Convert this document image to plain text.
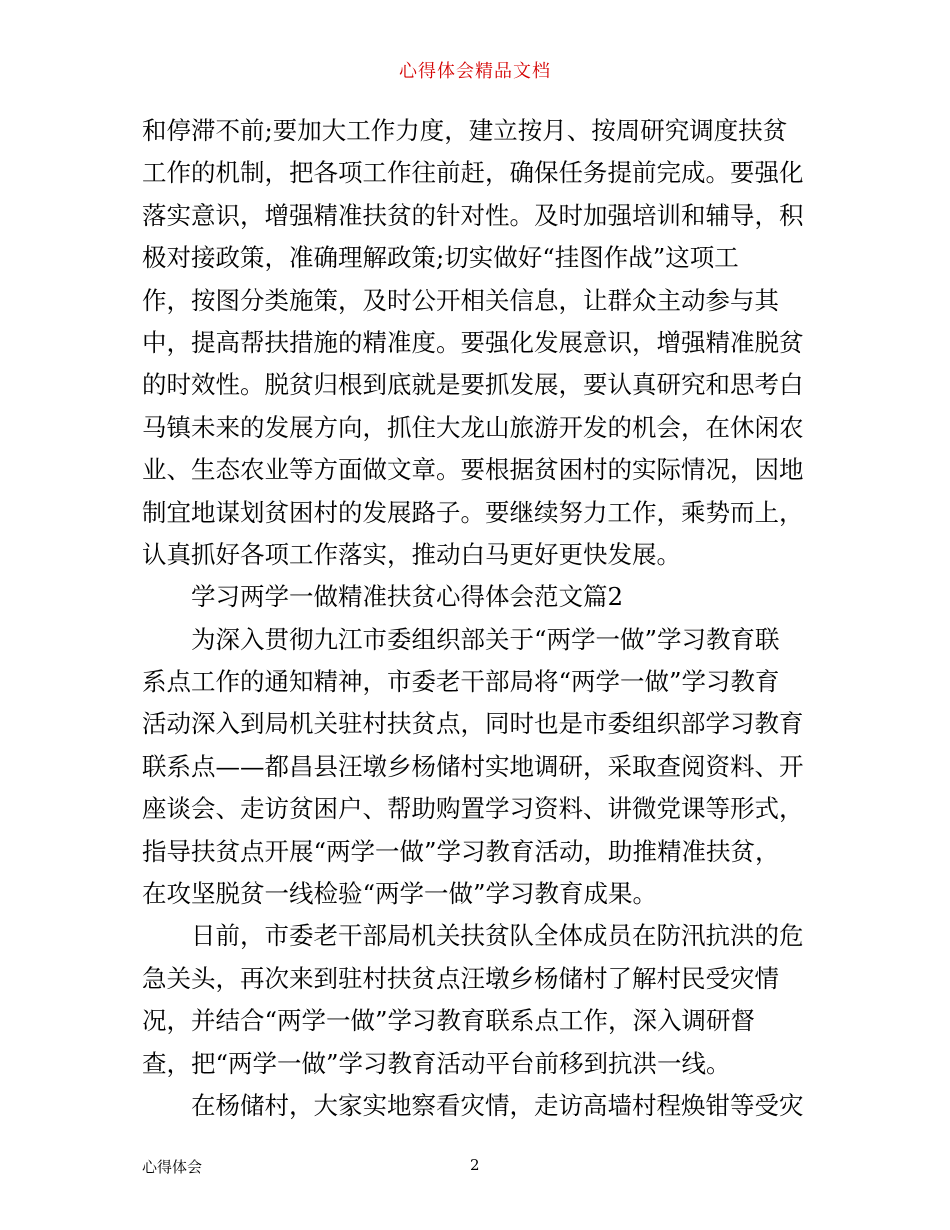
心得体会精品文档
和停滞不前;要加大工作力度，建立按月、按周研究调度扶贫
工作的机制，把各项工作往前赶，确保任务提前完成。要强化
落实意识，增强精准扶贫的针对性。及时加强培训和辅导，积
极对接政策，准确理解政策;切实做好“挂图作战”这项工
作，按图分类施策，及时公开相关信息，让群众主动参与其
中，提高帮扶措施的精准度。要强化发展意识，增强精准脱贫
的时效性。脱贫归根到底就是要抓发展，要认真研究和思考白
马镇未来的发展方向，抓住大龙山旅游开发的机会，在休闲农
业、生态农业等方面做文章。要根据贫困村的实际情况，因地
制宜地谋划贫困村的发展路子。要继续努力工作，乘势而上，
认真抓好各项工作落实，推动白马更好更快发展。
学习两学一做精准扶贫心得体会范文篇2
为深入贯彻九江市委组织部关于“两学一做”学习教育联
系点工作的通知精神，市委老干部局将“两学一做”学习教育
活动深入到局机关驻村扶贫点，同时也是市委组织部学习教育
联系点——都昌县汪墩乡杨储村实地调研，采取查阅资料、开
座谈会、走访贫困户、帮助购置学习资料、讲微党课等形式，
指导扶贫点开展“两学一做”学习教育活动，助推精准扶贫，
在攻坚脱贫一线检验“两学一做”学习教育成果。
日前，市委老干部局机关扶贫队全体成员在防汛抗洪的危
急关头，再次来到驻村扶贫点汪墩乡杨储村了解村民受灾情
况，并结合“两学一做”学习教育联系点工作，深入调研督
查，把“两学一做”学习教育活动平台前移到抗洪一线。
在杨储村，大家实地察看灾情，走访高墙村程焕钳等受灾
心得体会	2
